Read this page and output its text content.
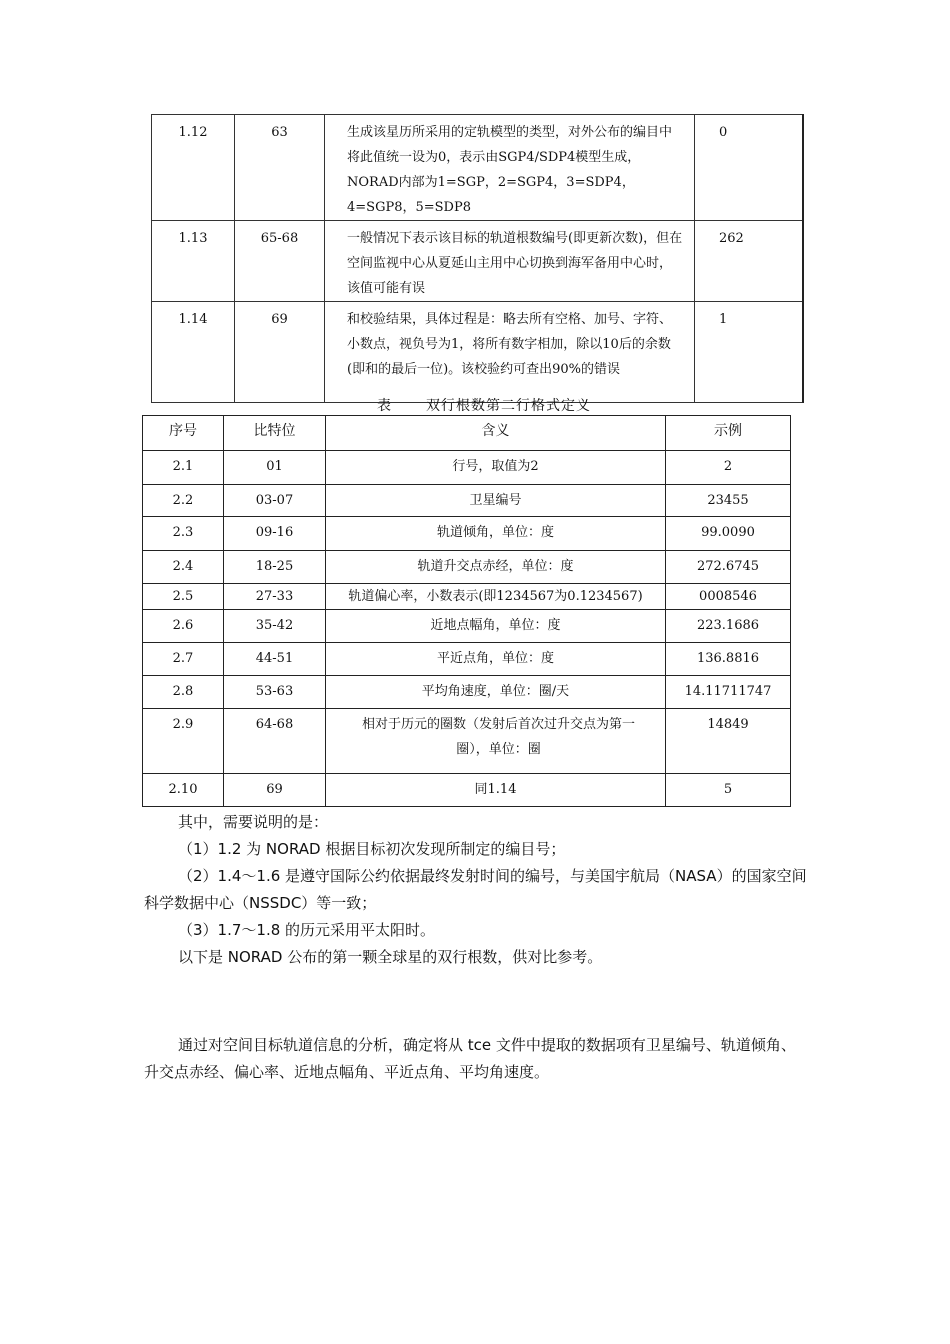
1.12	63	生成该星历所采用的定轨模型的类型，对外公布的编目中将此值统一设为0，表示由SGP4/SDP4模型生成，NORAD内部为1=SGP，2=SGP4，3=SDP4，4=SGP8，5=SDP8	0
1.13	65-68	一般情况下表示该目标的轨道根数编号(即更新次数)，但在空间监视中心从夏延山主用中心切换到海军备用中心时，该值可能有误	262
1.14	69	和校验结果，具体过程是：略去所有空格、加号、字符、小数点，视负号为1，将所有数字相加，除以10后的余数(即和的最后一位)。该校验约可查出90%的错误	1
表 双行根数第二行格式定义
序号	比特位	含义	示例
2.1	01	行号，取值为2	2
2.2	03-07	卫星编号	23455
2.3	09-16	轨道倾角，单位：度	99.0090
2.4	18-25	轨道升交点赤经，单位：度	272.6745
2.5	27-33	轨道偏心率，小数表示(即1234567为0.1234567)	0008546
2.6	35-42	近地点幅角，单位：度	223.1686
2.7	44-51	平近点角，单位：度	136.8816
2.8	53-63	平均角速度，单位：圈/天	14.11711747
2.9	64-68	相对于历元的圈数（发射后首次过升交点为第一圈），单位：圈	14849
2.10	69	同1.14	5
其中，需要说明的是：
（1）1.2 为 NORAD 根据目标初次发现所制定的编目号；
（2）1.4～1.6 是遵守国际公约依据最终发射时间的编号，与美国宇航局（NASA）的国家空间科学数据中心（NSSDC）等一致；
（3）1.7～1.8 的历元采用平太阳时。
以下是 NORAD 公布的第一颗全球星的双行根数，供对比参考。
通过对空间目标轨道信息的分析，确定将从 tce 文件中提取的数据项有卫星编号、轨道倾角、升交点赤经、偏心率、近地点幅角、平近点角、平均角速度。
